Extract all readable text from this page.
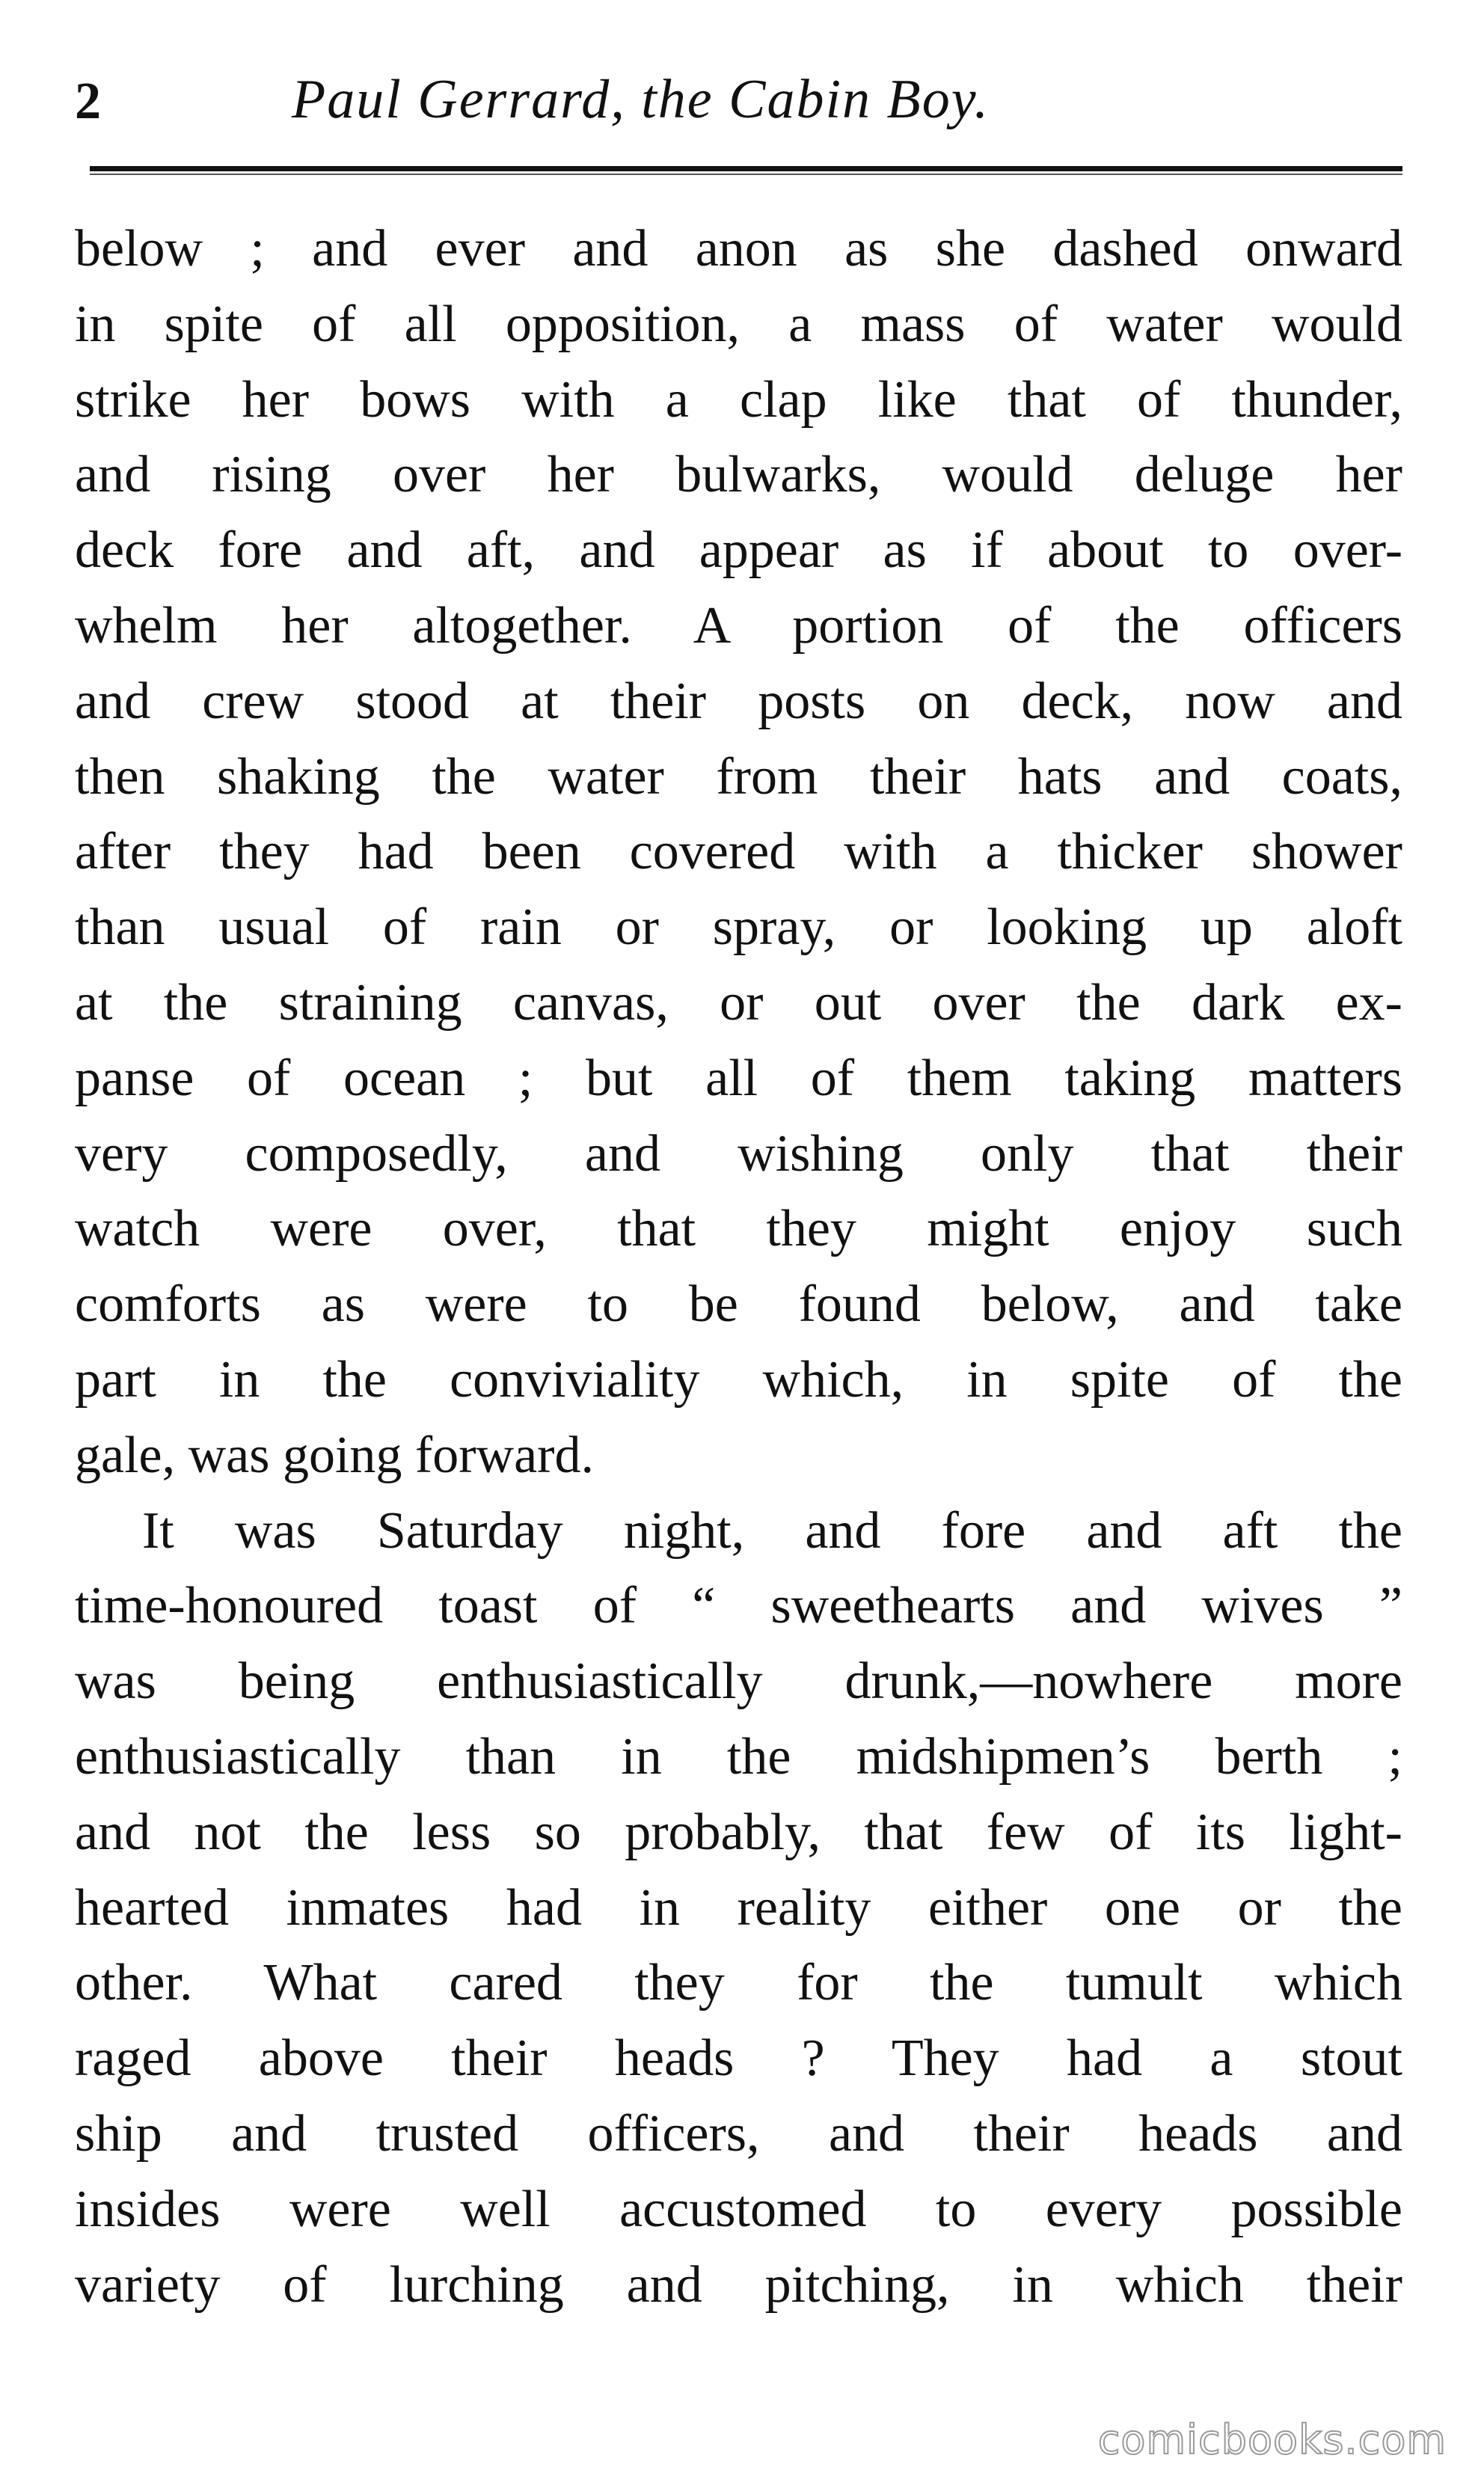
2	Paul Gerrard, the Cabin Boy.
below ; and ever and anon as she dashed onward
in spite of all opposition, a mass of water would
strike her bows with a clap like that of thunder,
and rising over her bulwarks, would deluge her
deck fore and aft, and appear as if about to over-
whelm her altogether. A portion of the officers
and crew stood at their posts on deck, now and
then shaking the water from their hats and coats,
after they had been covered with a thicker shower
than usual of rain or spray, or looking up aloft
at the straining canvas, or out over the dark ex-
panse of ocean ; but all of them taking matters
very composedly, and wishing only that their
watch were over, that they might enjoy such
comforts as were to be found below, and take
part in the conviviality which, in spite of the
gale, was going forward.
It was Saturday night, and fore and aft the
time-honoured toast of “ sweethearts and wives ”
was being enthusiastically drunk,—nowhere more
enthusiastically than in the midshipmen’s berth ;
and not the less so probably, that few of its light-
hearted inmates had in reality either one or the
other. What cared they for the tumult which
raged above their heads ? They had a stout
ship and trusted officers, and their heads and
insides were well accustomed to every possible
variety of lurching and pitching, in which their
comicbooks.com
